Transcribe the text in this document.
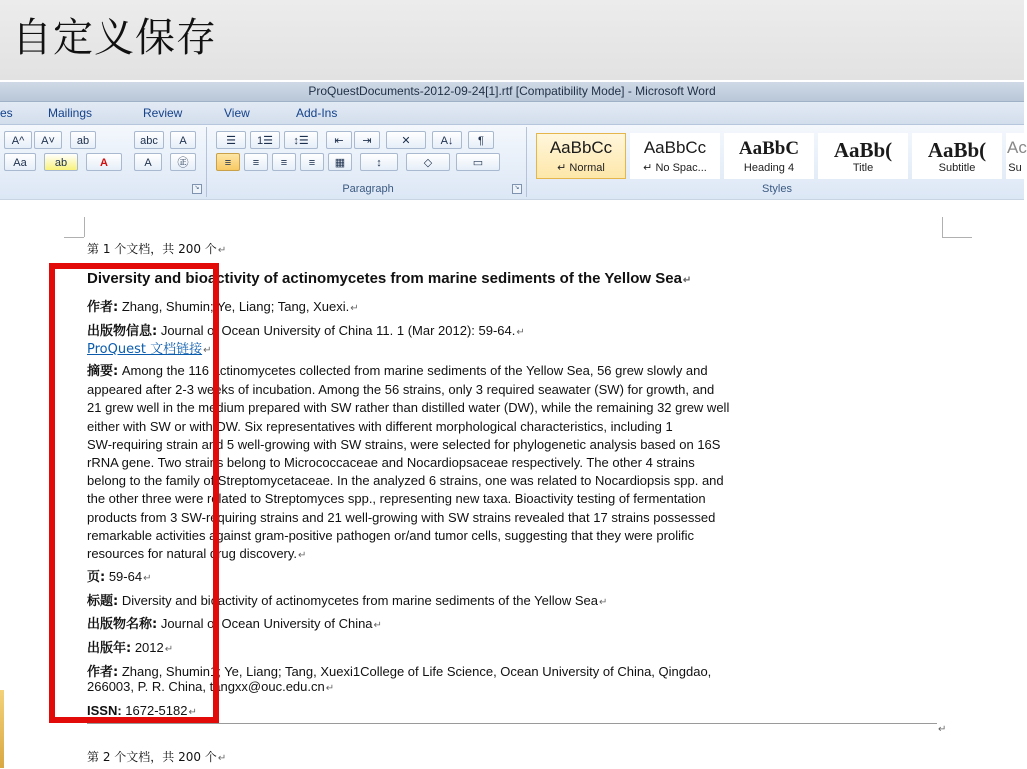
自定义保存
ProQuestDocuments-2012-09-24[1].rtf [Compatibility Mode] - Microsoft Word
es	Mailings	Review	View	Add-Ins
A^	A˅	ab	abc	A
Aa	ab	A	A	㊣
↘
☰	1☰	↕☰	⇤	⇥	✕	A↓	¶
≡	≡	≡	≡	▦	↕	◇	▭
Paragraph	↘
AaBbCc
↵ Normal
AaBbCc
↵ No Spac...
AaBbC
Heading 4
AaBb(
Title
AaBb(
Subtitle
Ac
Su
Styles
第 1 个文档，共 200 个↵
Diversity and bioactivity of actinomycetes from marine sediments of the Yellow Sea↵
作者: Zhang, Shumin; Ye, Liang; Tang, Xuexi.↵
出版物信息: Journal of Ocean University of China 11. 1 (Mar 2012): 59-64.↵
ProQuest 文档链接↵
摘要: Among the 116 actinomycetes collected from marine sediments of the Yellow Sea, 56 grew slowly and
appeared after 2-3 weeks of incubation. Among the 56 strains, only 3 required seawater (SW) for growth, and
21 grew well in the medium prepared with SW rather than distilled water (DW), while the remaining 32 grew well
either with SW or with DW. Six representatives with different morphological characteristics, including 1
SW-requiring strain and 5 well-growing with SW strains, were selected for phylogenetic analysis based on 16S
rRNA gene. Two strains belong to Micrococcaceae and Nocardiopsaceae respectively. The other 4 strains
belong to the family of Streptomycetaceae. In the analyzed 6 strains, one was related to Nocardiopsis spp. and
the other three were related to Streptomyces spp., representing new taxa. Bioactivity testing of fermentation
products from 3 SW-requiring strains and 21 well-growing with SW strains revealed that 17 strains possessed
remarkable activities against gram-positive pathogen or/and tumor cells, suggesting that they were prolific
resources for natural drug discovery.↵
页: 59-64↵
标题: Diversity and bioactivity of actinomycetes from marine sediments of the Yellow Sea↵
出版物名称: Journal of Ocean University of China↵
出版年: 2012↵
作者: Zhang, Shumin1; Ye, Liang; Tang, Xuexi1College of Life Science, Ocean University of China, Qingdao,
266003, P. R. China, tangxx@ouc.edu.cn↵
ISSN: 1672-5182↵
↵
第 2 个文档，共 200 个↵
